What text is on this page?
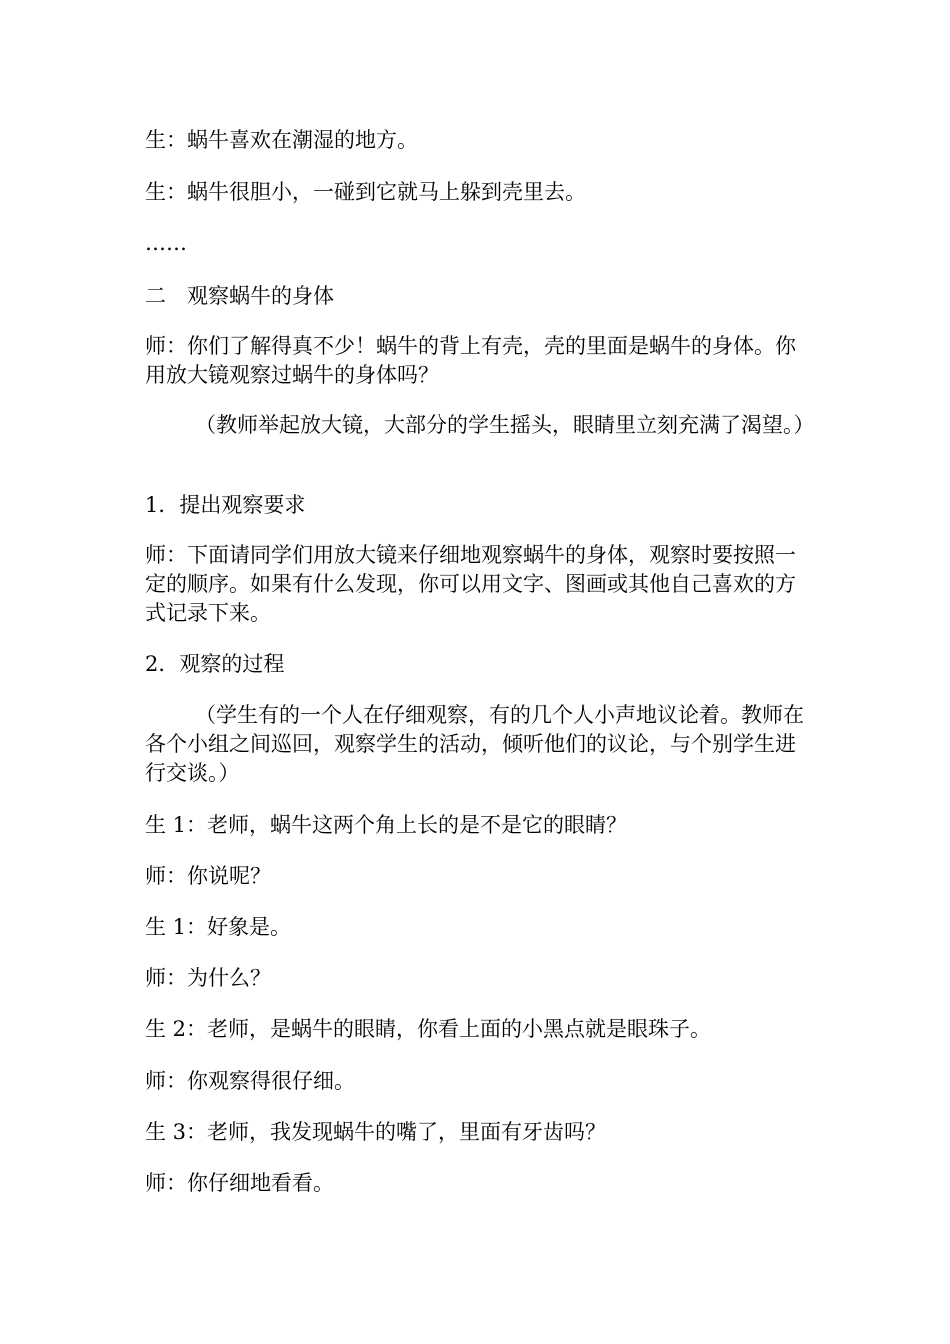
生：蜗牛喜欢在潮湿的地方。

生：蜗牛很胆小，一碰到它就马上躲到壳里去。

……

二　观察蜗牛的身体

师：你们了解得真不少！蜗牛的背上有壳，壳的里面是蜗牛的身体。你用放大镜观察过蜗牛的身体吗？

（教师举起放大镜，大部分的学生摇头，眼睛里立刻充满了渴望。）

1．提出观察要求

师：下面请同学们用放大镜来仔细地观察蜗牛的身体，观察时要按照一定的顺序。如果有什么发现，你可以用文字、图画或其他自己喜欢的方式记录下来。

2．观察的过程

（学生有的一个人在仔细观察，有的几个人小声地议论着。教师在各个小组之间巡回，观察学生的活动，倾听他们的议论，与个别学生进行交谈。）

生 1：老师，蜗牛这两个角上长的是不是它的眼睛？

师：你说呢？

生 1：好象是。

师：为什么？

生 2：老师，是蜗牛的眼睛，你看上面的小黑点就是眼珠子。

师：你观察得很仔细。

生 3：老师，我发现蜗牛的嘴了，里面有牙齿吗？

师：你仔细地看看。
